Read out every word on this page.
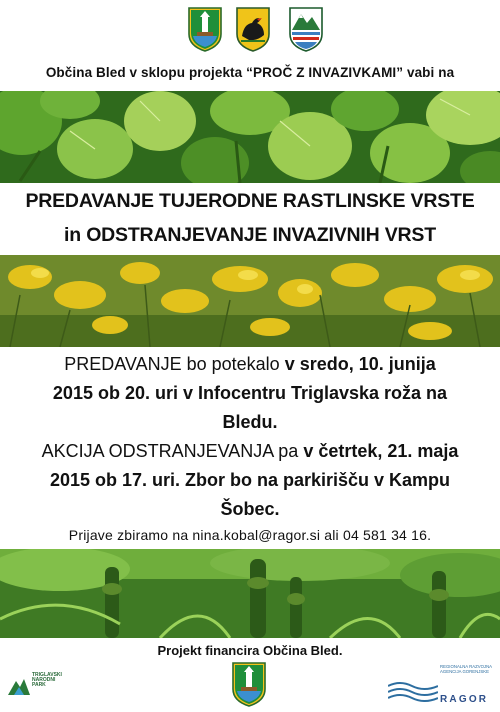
Občina Bled v sklopu projekta “PROČ Z INVAZIVKAMI” vabi na
PREDAVANJE TUJERODNE RASTLINSKE VRSTE
in ODSTRANJEVANJE INVAZIVNIH VRST
PREDAVANJE bo potekalo v sredo, 10. junija
2015 ob 20. uri v Infocentru Triglavska roža na
Bledu.
AKCIJA ODSTRANJEVANJA pa v četrtek, 21. maja
2015 ob 17. uri. Zbor bo na parkirišču v Kampu
Šobec.
Prijave zbiramo na nina.kobal@ragor.si ali 04 581 34 16.
Projekt financira Občina Bled.
TRIGLAVSKI
NARODNI
PARK
REGIONALNA RAZVOJNA
AGENCIJA GORENJSKE
RAGOR
